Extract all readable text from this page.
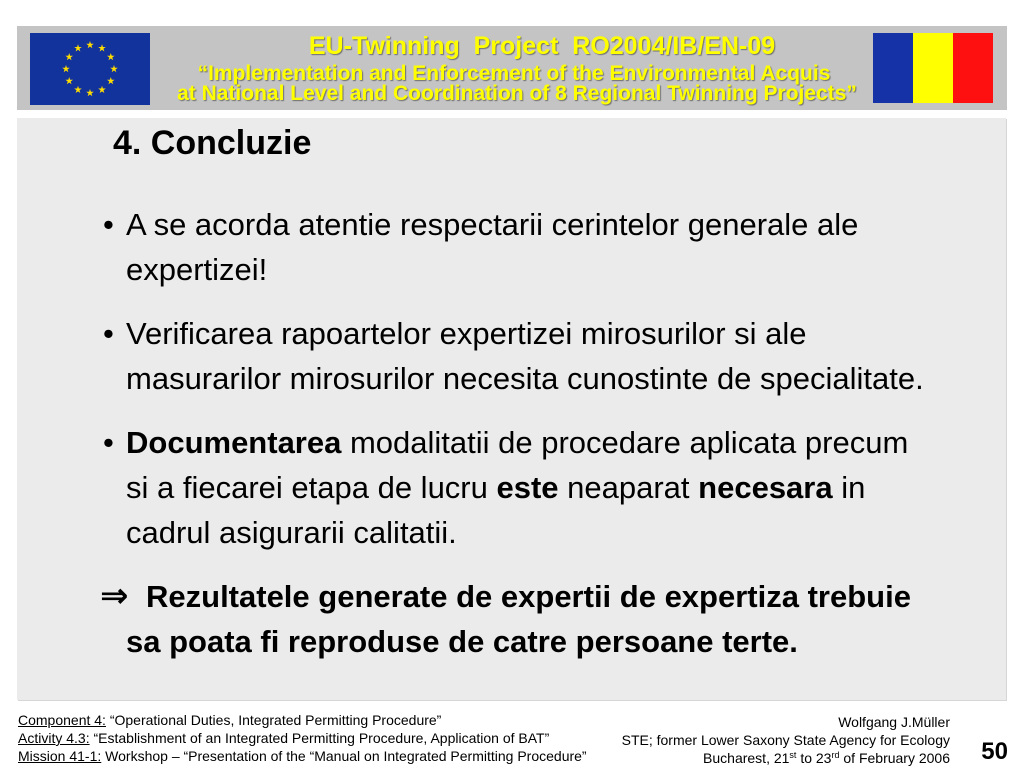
EU-Twinning  Project  RO2004/IB/EN-09
“Implementation and Enforcement of the Environmental Acquis
at National Level and Coordination of 8 Regional Twinning Projects”
4. Concluzie
• A se acorda atentie respectarii cerintelor generale ale
expertizei!
• Verificarea rapoartelor expertizei mirosurilor si ale
masurarilor mirosurilor necesita cunostinte de specialitate.
• Documentarea modalitatii de procedare aplicata precum
si a fiecarei etapa de lucru este neaparat necesara in
cadrul asigurarii calitatii.
⇒ Rezultatele generate de expertii de expertiza trebuie
sa poata fi reproduse de catre persoane terte.
Component 4: “Operational Duties, Integrated Permitting Procedure”
Activity 4.3: “Establishment of an Integrated Permitting Procedure, Application of BAT”
Mission 41-1: Workshop – “Presentation of the “Manual on Integrated Permitting Procedure”
Wolfgang J.Müller
STE; former Lower Saxony State Agency for Ecology
Bucharest, 21st to 23rd of February 2006 50
